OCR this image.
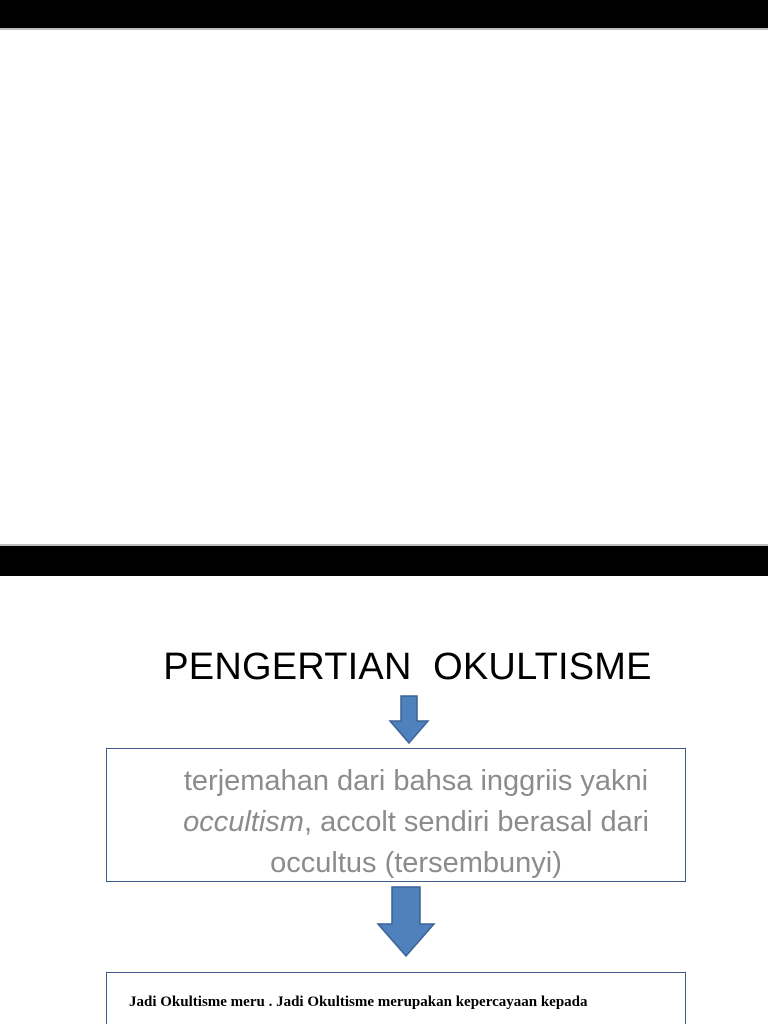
PENGERTIAN  OKULTISME
terjemahan dari bahsa inggriis yakni
occultism, accolt sendiri berasal dari
occultus (tersembunyi)
Jadi Okultisme meru . Jadi Okultisme merupakan kepercayaan kepada
